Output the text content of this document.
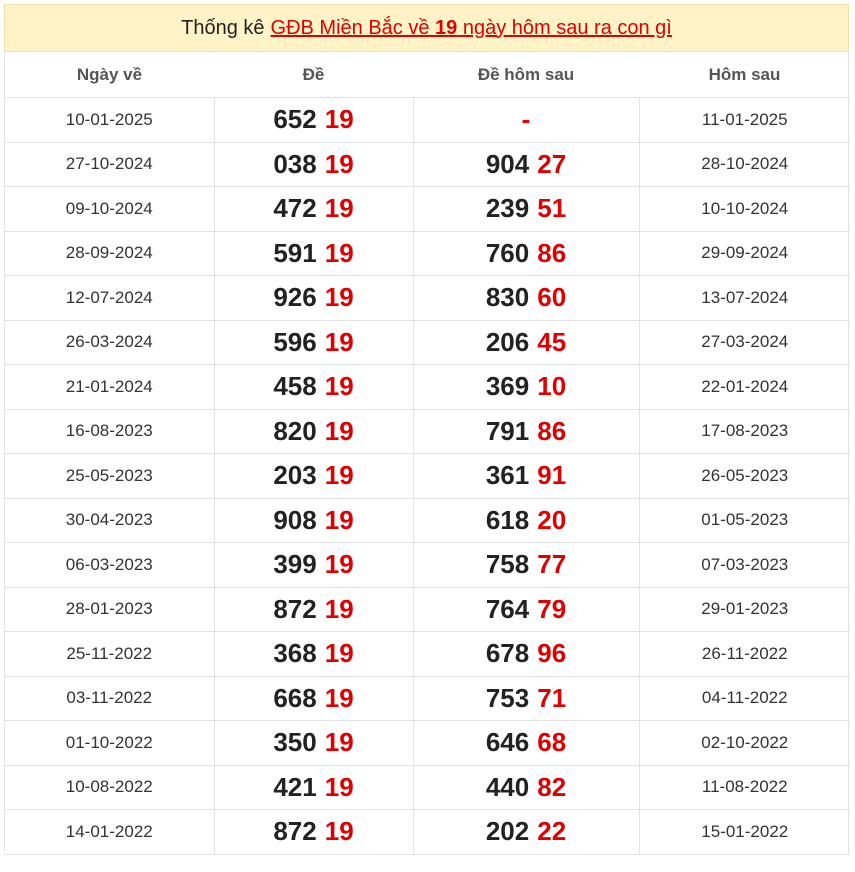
Thống kê GĐB Miền Bắc về 19 ngày hôm sau ra con gì
Ngày về	Đề	Đề hôm sau	Hôm sau
10-01-2025	652 19	-	11-01-2025
27-10-2024	038 19	904 27	28-10-2024
09-10-2024	472 19	239 51	10-10-2024
28-09-2024	591 19	760 86	29-09-2024
12-07-2024	926 19	830 60	13-07-2024
26-03-2024	596 19	206 45	27-03-2024
21-01-2024	458 19	369 10	22-01-2024
16-08-2023	820 19	791 86	17-08-2023
25-05-2023	203 19	361 91	26-05-2023
30-04-2023	908 19	618 20	01-05-2023
06-03-2023	399 19	758 77	07-03-2023
28-01-2023	872 19	764 79	29-01-2023
25-11-2022	368 19	678 96	26-11-2022
03-11-2022	668 19	753 71	04-11-2022
01-10-2022	350 19	646 68	02-10-2022
10-08-2022	421 19	440 82	11-08-2022
14-01-2022	872 19	202 22	15-01-2022
